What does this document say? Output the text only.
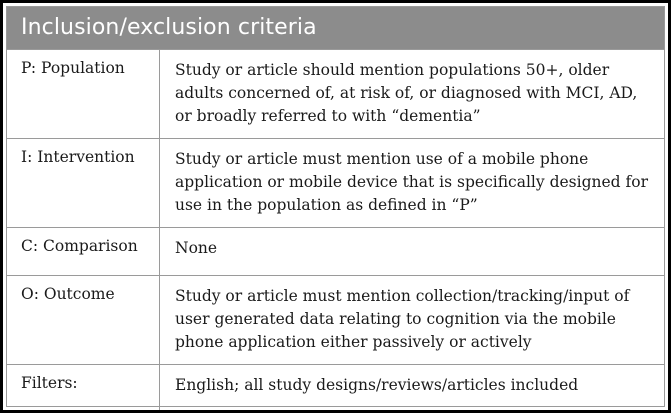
Inclusion/exclusion criteria
P: Population	Study or article should mention populations 50+, older adults concerned of, at risk of, or diagnosed with MCI, AD, or broadly referred to with “dementia”
I: Intervention	Study or article must mention use of a mobile phone application or mobile device that is specifically designed for use in the population as defined in “P”
C: Comparison	None
O: Outcome	Study or article must mention collection/tracking/input of user generated data relating to cognition via the mobile phone application either passively or actively
Filters:	English; all study designs/reviews/articles included
